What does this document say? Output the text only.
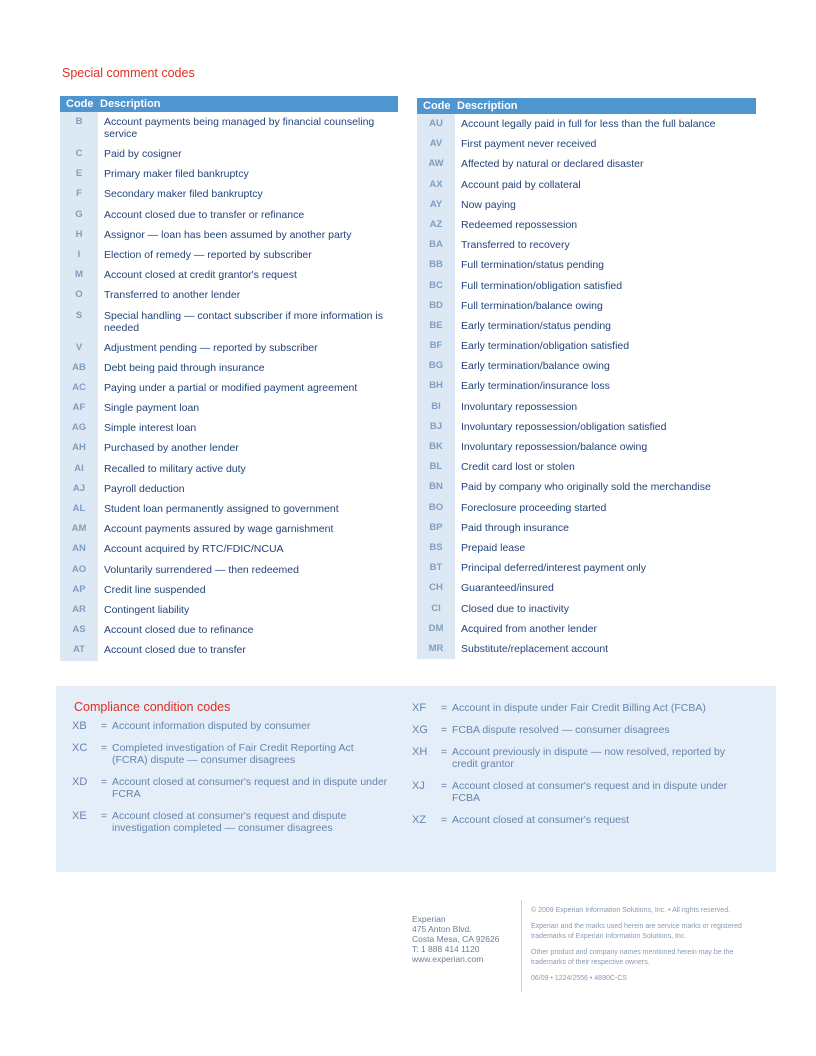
Special comment codes
Code Description
B	Account payments being managed by financial counseling service
C	Paid by cosigner
E	Primary maker filed bankruptcy
F	Secondary maker filed bankruptcy
G	Account closed due to transfer or refinance
H	Assignor — loan has been assumed by another party
I	Election of remedy — reported by subscriber
M	Account closed at credit grantor's request
O	Transferred to another lender
S	Special handling — contact subscriber if more information is needed
V	Adjustment pending — reported by subscriber
AB	Debt being paid through insurance
AC	Paying under a partial or modified payment agreement
AF	Single payment loan
AG	Simple interest loan
AH	Purchased by another lender
AI	Recalled to military active duty
AJ	Payroll deduction
AL	Student loan permanently assigned to government
AM	Account payments assured by wage garnishment
AN	Account acquired by RTC/FDIC/NCUA
AO	Voluntarily surrendered — then redeemed
AP	Credit line suspended
AR	Contingent liability
AS	Account closed due to refinance
AT	Account closed due to transfer
Code Description
AU	Account legally paid in full for less than the full balance
AV	First payment never received
AW	Affected by natural or declared disaster
AX	Account paid by collateral
AY	Now paying
AZ	Redeemed repossession
BA	Transferred to recovery
BB	Full termination/status pending
BC	Full termination/obligation satisfied
BD	Full termination/balance owing
BE	Early termination/status pending
BF	Early termination/obligation satisfied
BG	Early termination/balance owing
BH	Early termination/insurance loss
BI	Involuntary repossession
BJ	Involuntary repossession/obligation satisfied
BK	Involuntary repossession/balance owing
BL	Credit card lost or stolen
BN	Paid by company who originally sold the merchandise
BO	Foreclosure proceeding started
BP	Paid through insurance
BS	Prepaid lease
BT	Principal deferred/interest payment only
CH	Guaranteed/insured
CI	Closed due to inactivity
DM	Acquired from another lender
MR	Substitute/replacement account
Compliance condition codes
XB	= Account information disputed by consumer
XC	= Completed investigation of Fair Credit Reporting Act (FCRA) dispute — consumer disagrees
XD	= Account closed at consumer's request and in dispute under FCRA
XE	= Account closed at consumer's request and dispute investigation completed — consumer disagrees
XF	= Account in dispute under Fair Credit Billing Act (FCBA)
XG	= FCBA dispute resolved — consumer disagrees
XH	= Account previously in dispute — now resolved, reported by credit grantor
XJ	= Account closed at consumer's request and in dispute under FCBA
XZ	= Account closed at consumer's request
Experian
475 Anton Blvd.
Costa Mesa, CA 92626
T: 1 888 414 1120
www.experian.com

© 2009 Experian Information Solutions, Inc. • All rights reserved.

Experian and the marks used herein are service marks or registered trademarks of Experian Information Solutions, Inc.

Other product and company names mentioned herein may be the trademarks of their respective owners.

06/09 • 1224/2556 • 4890C-CS
